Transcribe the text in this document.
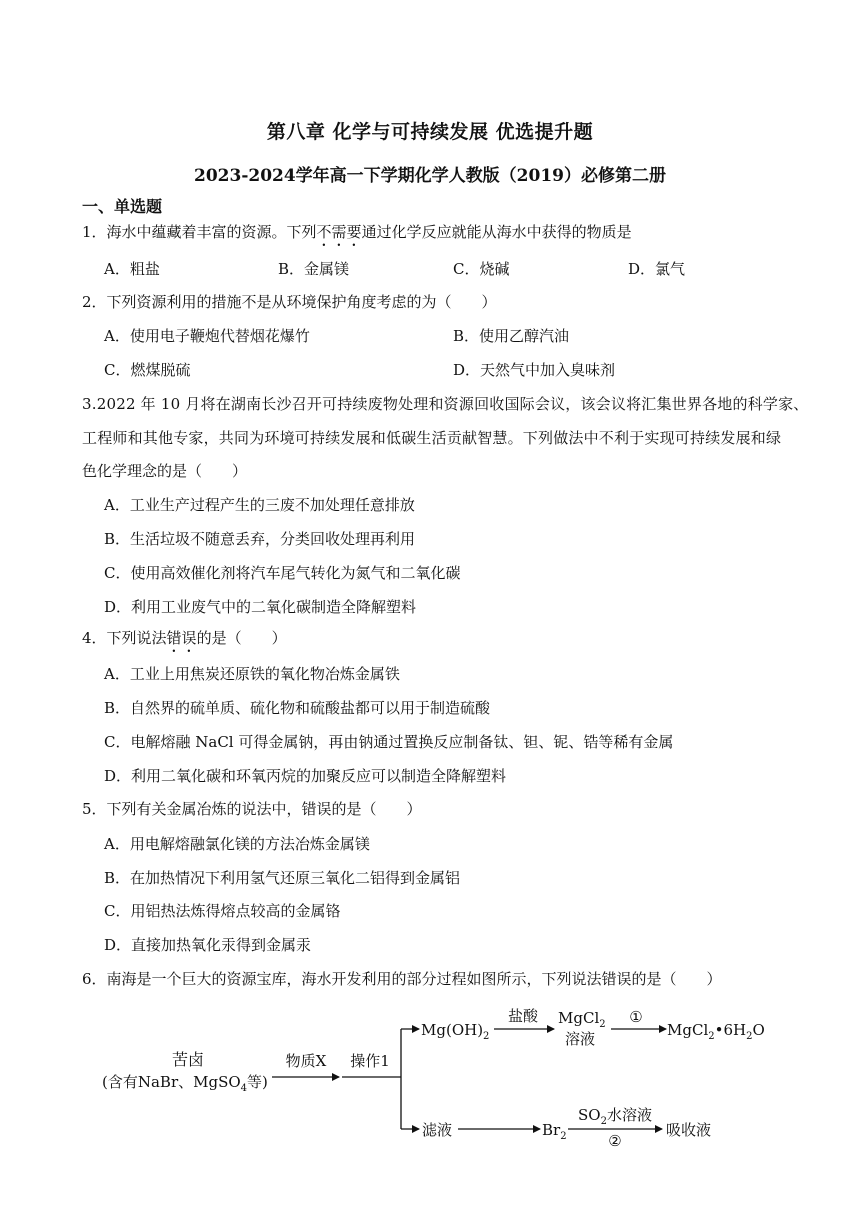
第八章 化学与可持续发展 优选提升题
2023-2024学年高一下学期化学人教版（2019）必修第二册
一、单选题
1．海水中蕴藏着丰富的资源。下列不需要通过化学反应就能从海水中获得的物质是
A．粗盐	B．金属镁	C．烧碱	D．氯气
2．下列资源利用的措施不是从环境保护角度考虑的为（　　）
A．使用电子鞭炮代替烟花爆竹	B．使用乙醇汽油
C．燃煤脱硫	D．天然气中加入臭味剂
3.2022 年 10 月将在湖南长沙召开可持续废物处理和资源回收国际会议，该会议将汇集世界各地的科学家、
工程师和其他专家，共同为环境可持续发展和低碳生活贡献智慧。下列做法中不利于实现可持续发展和绿
色化学理念的是（　　）
A．工业生产过程产生的三废不加处理任意排放
B．生活垃圾不随意丢弃，分类回收处理再利用
C．使用高效催化剂将汽车尾气转化为氮气和二氧化碳
D．利用工业废气中的二氧化碳制造全降解塑料
4．下列说法错误的是（　　）
A．工业上用焦炭还原铁的氧化物冶炼金属铁
B．自然界的硫单质、硫化物和硫酸盐都可以用于制造硫酸
C．电解熔融 NaCl 可得金属钠，再由钠通过置换反应制备钛、钽、铌、锆等稀有金属
D．利用二氧化碳和环氧丙烷的加聚反应可以制造全降解塑料
5．下列有关金属冶炼的说法中，错误的是（　　）
A．用电解熔融氯化镁的方法冶炼金属镁
B．在加热情况下利用氢气还原三氧化二铝得到金属铝
C．用铝热法炼得熔点较高的金属铬
D．直接加热氧化汞得到金属汞
6．南海是一个巨大的资源宝库，海水开发利用的部分过程如图所示，下列说法错误的是（　　）
苦卤
(含有NaBr、MgSO$_4$等)
物质X 操作1
$Mg(OH)_2$
盐酸 MgCl$_2$
溶液
①
$MgCl_2•6H_2O$
滤液	$Br_2$
$SO_2$水溶液
②
吸收液
